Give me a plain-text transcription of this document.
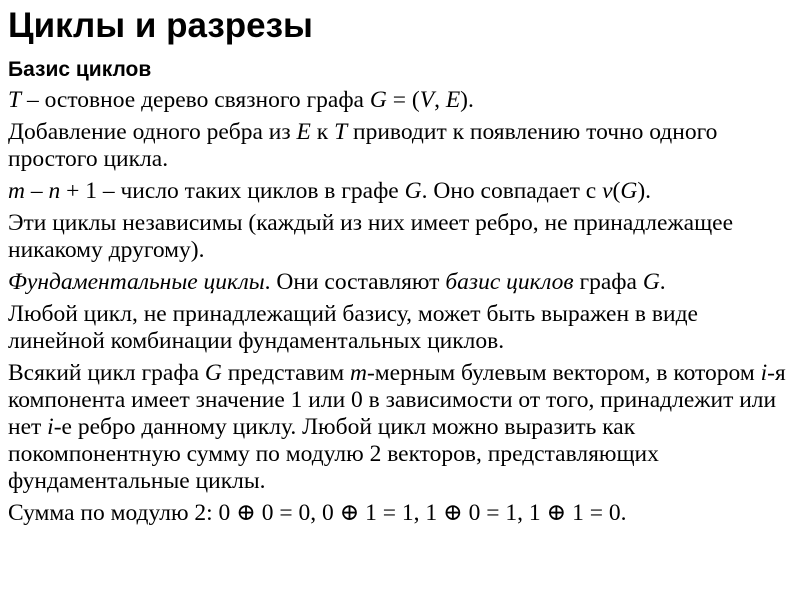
Циклы и разрезы
Базис циклов

T – остовное дерево связного графа G = (V, E).

Добавление одного ребра из E к T приводит к появлению точно одного простого цикла.

m – n + 1 – число таких циклов в графе G. Оно совпадает с ν(G).

Эти циклы независимы (каждый из них имеет ребро, не принадлежащее никакому другому).

Фундаментальные циклы. Они составляют базис циклов графа G.

Любой цикл, не принадлежащий базису, может быть выражен в виде линейной комбинации фундаментальных циклов.

Всякий цикл графа G представим m-мерным булевым вектором, в котором i-я компонента имеет значение 1 или 0 в зависимости от того, принадлежит или нет i-е ребро данному циклу. Любой цикл можно выразить как покомпонентную сумму по модулю 2 векторов, представляющих фундаментальные циклы.

Сумма по модулю 2: 0 ⊕ 0 = 0, 0 ⊕ 1 = 1, 1 ⊕ 0 = 1, 1 ⊕ 1 = 0.
